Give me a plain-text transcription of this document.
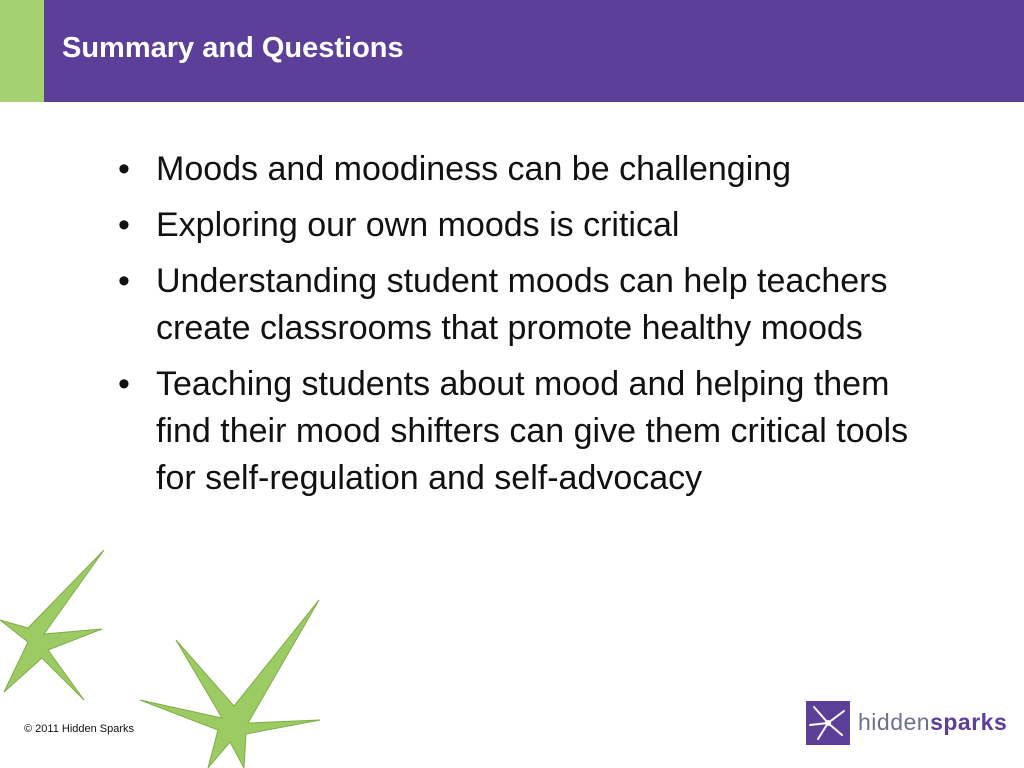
Summary and Questions
• Moods and moodiness can be challenging
• Exploring our own moods is critical
• Understanding student moods can help teachers create classrooms that promote healthy moods
• Teaching students about mood and helping them find their mood shifters can give them critical tools for self-regulation and self-advocacy
© 2011 Hidden Sparks	hiddensparks
